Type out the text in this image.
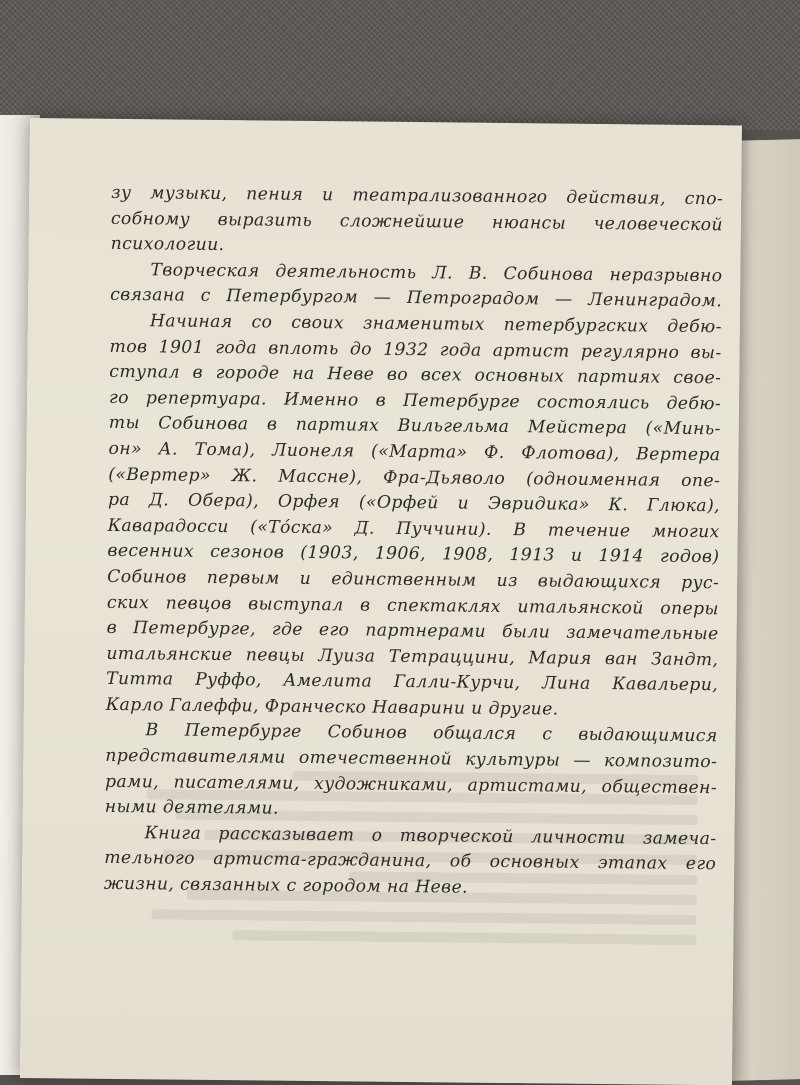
зу музыки, пения и театрализованного действия, спо-
собному выразить сложнейшие нюансы человеческой
психологии.
Творческая деятельность Л. В. Собинова неразрывно
связана с Петербургом — Петроградом — Ленинградом.
Начиная со своих знаменитых петербургских дебю-
тов 1901 года вплоть до 1932 года артист регулярно вы-
ступал в городе на Неве во всех основных партиях свое-
го репертуара. Именно в Петербурге состоялись дебю-
ты Собинова в партиях Вильгельма Мейстера («Минь-
он» А. Тома), Лионеля («Марта» Ф. Флотова), Вертера
(«Вертер» Ж. Массне), Фра-Дьяволо (одноименная опе-
ра Д. Обера), Орфея («Орфей и Эвридика» К. Глюка),
Каварадосси («Тóска» Д. Пуччини). В течение многих
весенних сезонов (1903, 1906, 1908, 1913 и 1914 годов)
Собинов первым и единственным из выдающихся рус-
ских певцов выступал в спектаклях итальянской оперы
в Петербурге, где его партнерами были замечательные
итальянские певцы Луиза Тетраццини, Мария ван Зандт,
Титта Руффо, Амелита Галли-Курчи, Лина Кавальери,
Карло Галеффи, Франческо Наварини и другие.
В Петербурге Собинов общался с выдающимися
представителями отечественной культуры — композито-
рами, писателями, художниками, артистами, обществен-
ными деятелями.
Книга рассказывает о творческой личности замеча-
тельного артиста-гражданина, об основных этапах его
жизни, связанных с городом на Неве.
